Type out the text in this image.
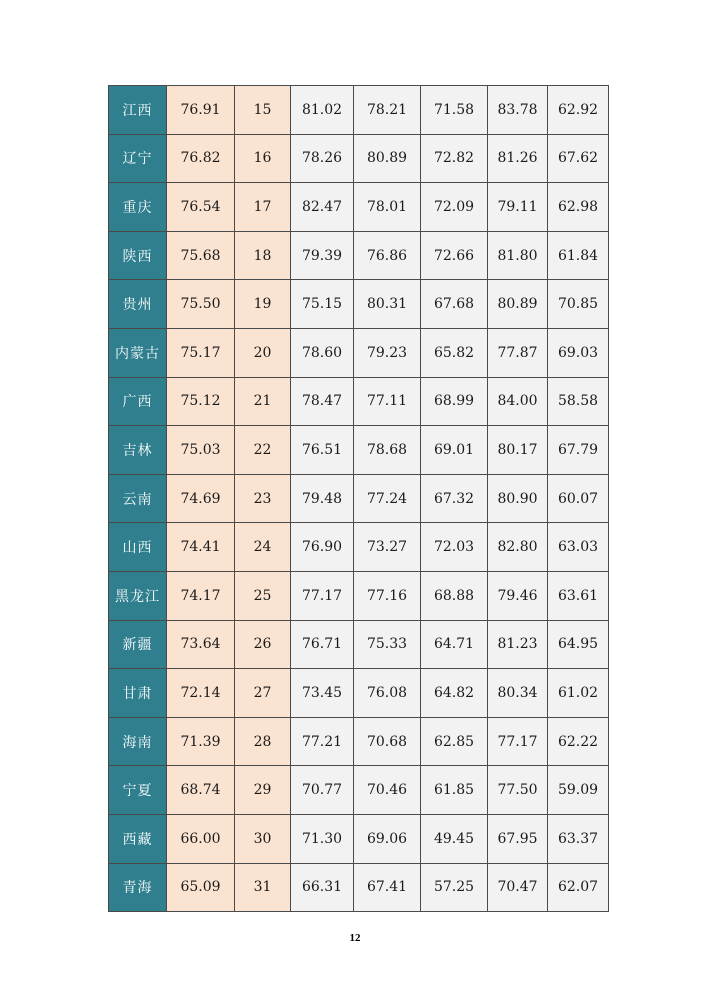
江西	76.91	15	81.02	78.21	71.58	83.78	62.92
辽宁	76.82	16	78.26	80.89	72.82	81.26	67.62
重庆	76.54	17	82.47	78.01	72.09	79.11	62.98
陕西	75.68	18	79.39	76.86	72.66	81.80	61.84
贵州	75.50	19	75.15	80.31	67.68	80.89	70.85
内蒙古	75.17	20	78.60	79.23	65.82	77.87	69.03
广西	75.12	21	78.47	77.11	68.99	84.00	58.58
吉林	75.03	22	76.51	78.68	69.01	80.17	67.79
云南	74.69	23	79.48	77.24	67.32	80.90	60.07
山西	74.41	24	76.90	73.27	72.03	82.80	63.03
黑龙江	74.17	25	77.17	77.16	68.88	79.46	63.61
新疆	73.64	26	76.71	75.33	64.71	81.23	64.95
甘肃	72.14	27	73.45	76.08	64.82	80.34	61.02
海南	71.39	28	77.21	70.68	62.85	77.17	62.22
宁夏	68.74	29	70.77	70.46	61.85	77.50	59.09
西藏	66.00	30	71.30	69.06	49.45	67.95	63.37
青海	65.09	31	66.31	67.41	57.25	70.47	62.07
12
